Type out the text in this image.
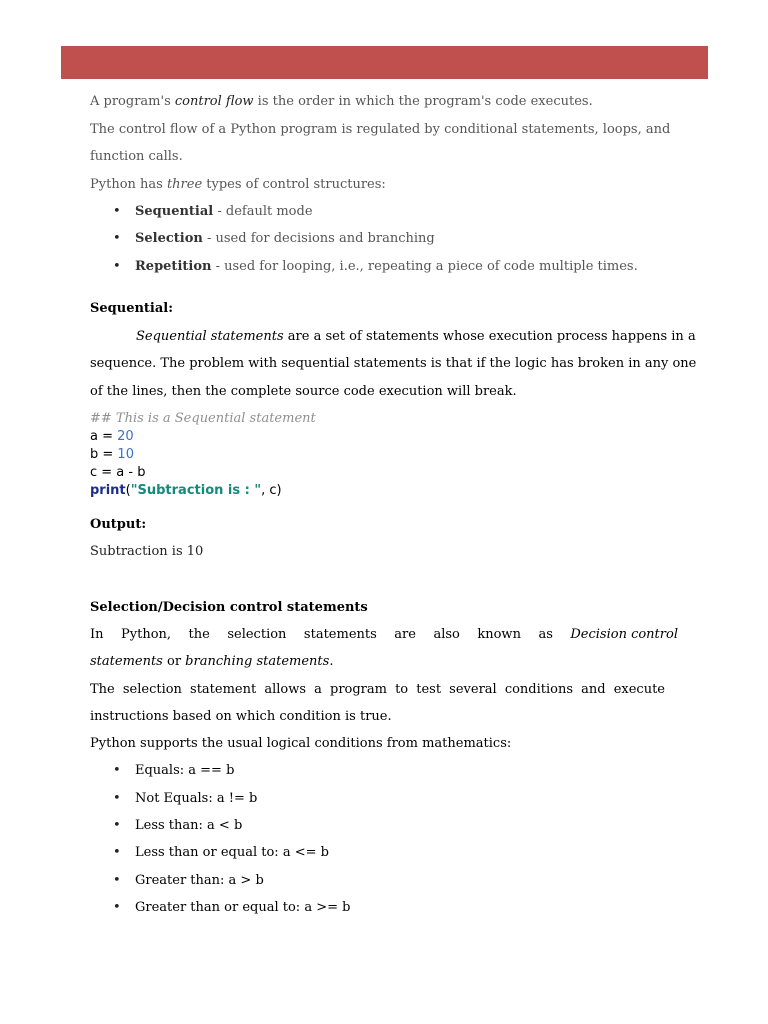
A program's control flow is the order in which the program's code executes.
The control flow of a Python program is regulated by conditional statements, loops, and
function calls.
Python has three types of control structures:
• Sequential - default mode
• Selection - used for decisions and branching
• Repetition - used for looping, i.e., repeating a piece of code multiple times.
Sequential:
Sequential statements are a set of statements whose execution process happens in a
sequence. The problem with sequential statements is that if the logic has broken in any one
of the lines, then the complete source code execution will break.
## This is a Sequential statement
a = 20
b = 10
c = a - b
print("Subtraction is : ", c)
Output:
Subtraction is 10
Selection/Decision control statements
In Python, the selection statements are also known as Decision control
statements or branching statements.
The selection statement allows a program to test several conditions and execute
instructions based on which condition is true.
Python supports the usual logical conditions from mathematics:
• Equals: a == b
• Not Equals: a != b
• Less than: a < b
• Less than or equal to: a <= b
• Greater than: a > b
• Greater than or equal to: a >= b
